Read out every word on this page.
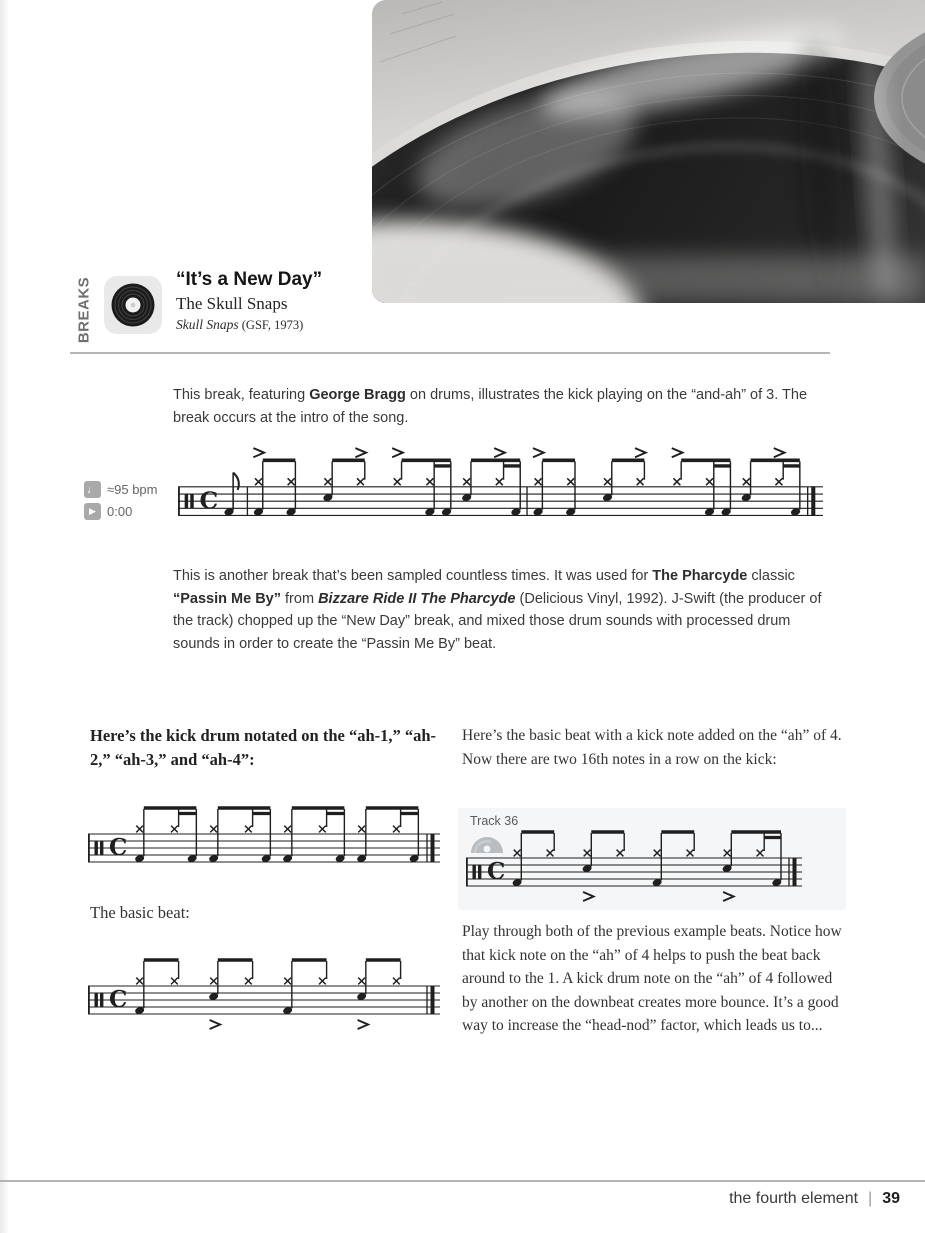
BREAKS	“It’s a New Day”
The Skull Snaps
Skull Snaps (GSF, 1973)

This break, featuring George Bragg on drums, illustrates the kick playing on the “and-ah” of 3. The break occurs at the intro of the song.

♩ ≈95 bpm
▶ 0:00	C

This is another break that’s been sampled countless times. It was used for The Pharcyde classic “Passin Me By” from Bizzare Ride II The Pharcyde (Delicious Vinyl, 1992). J-Swift (the producer of the track) chopped up the “New Day” break, and mixed those drum sounds with processed drum sounds in order to create the “Passin Me By” beat.

Here’s the kick drum notated on the “ah-1,” “ah-2,” “ah-3,” and “ah-4”:

C

The basic beat:

C

Here’s the basic beat with a kick note added on the “ah” of 4. Now there are two 16th notes in a row on the kick:

Track 36
C

Play through both of the previous example beats. Notice how that kick note on the “ah” of 4 helps to push the beat back around to the 1. A kick drum note on the “ah” of 4 followed by another on the downbeat creates more bounce. It’s a good way to increase the “head-nod” factor, which leads us to...

the fourth element | 39
